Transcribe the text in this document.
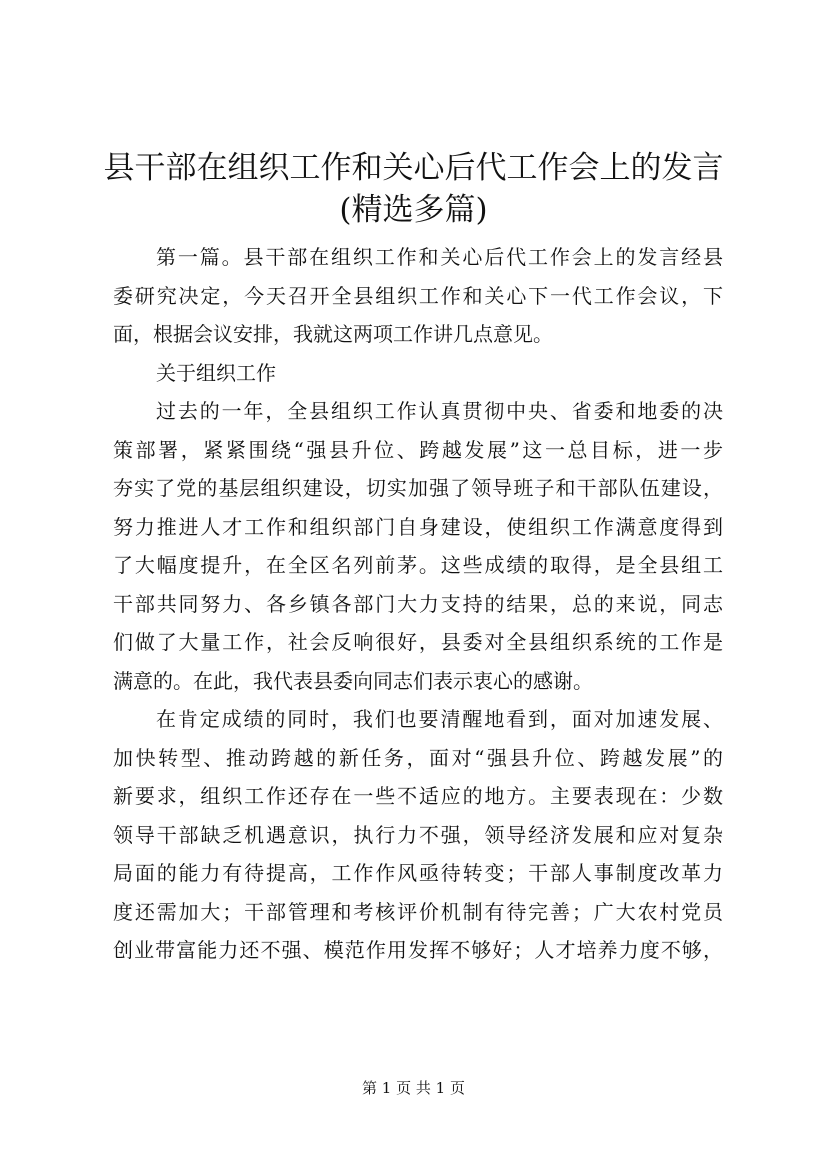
县干部在组织工作和关心后代工作会上的发言
(精选多篇)
第一篇。县干部在组织工作和关心后代工作会上的发言经县
委研究决定，今天召开全县组织工作和关心下一代工作会议，下
面，根据会议安排，我就这两项工作讲几点意见。
关于组织工作
过去的一年，全县组织工作认真贯彻中央、省委和地委的决
策部署，紧紧围绕“强县升位、跨越发展”这一总目标，进一步
夯实了党的基层组织建设，切实加强了领导班子和干部队伍建设，
努力推进人才工作和组织部门自身建设，使组织工作满意度得到
了大幅度提升，在全区名列前茅。这些成绩的取得，是全县组工
干部共同努力、各乡镇各部门大力支持的结果，总的来说，同志
们做了大量工作，社会反响很好，县委对全县组织系统的工作是
满意的。在此，我代表县委向同志们表示衷心的感谢。
在肯定成绩的同时，我们也要清醒地看到，面对加速发展、
加快转型、推动跨越的新任务，面对“强县升位、跨越发展”的
新要求，组织工作还存在一些不适应的地方。主要表现在：少数
领导干部缺乏机遇意识，执行力不强，领导经济发展和应对复杂
局面的能力有待提高，工作作风亟待转变；干部人事制度改革力
度还需加大；干部管理和考核评价机制有待完善；广大农村党员
创业带富能力还不强、模范作用发挥不够好；人才培养力度不够，
第 1 页 共 1 页
